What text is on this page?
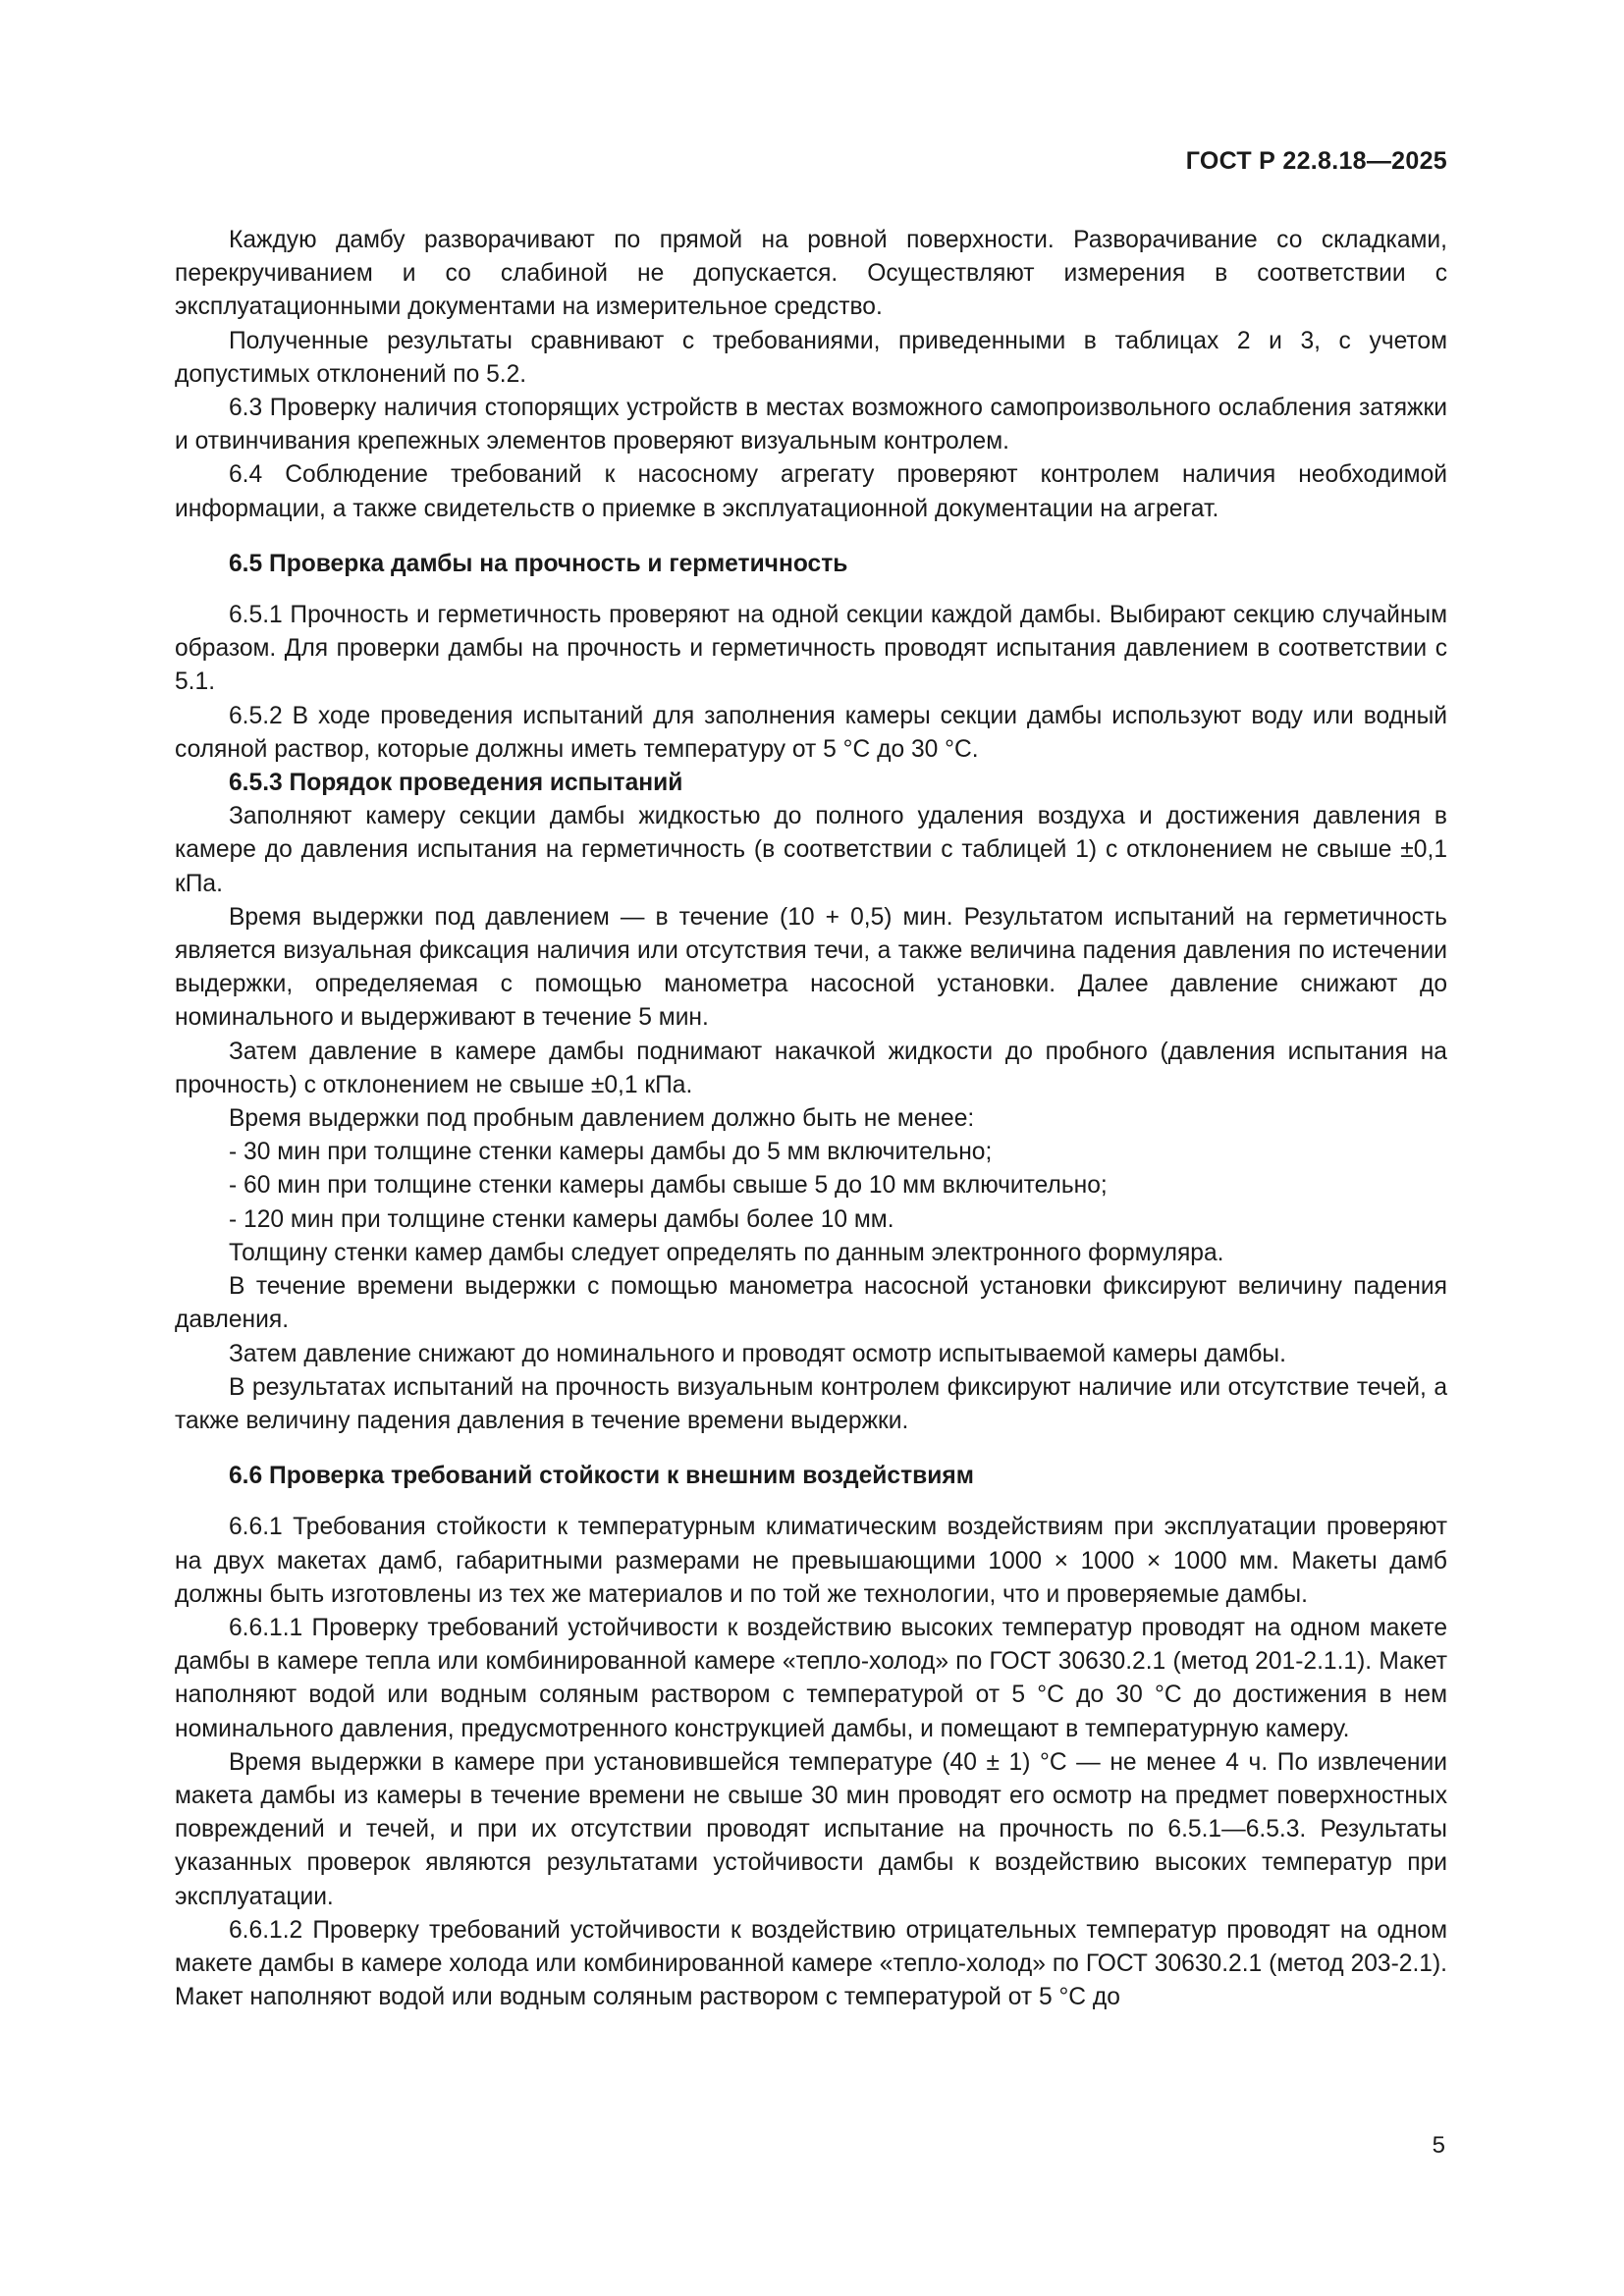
ГОСТ Р 22.8.18—2025

Каждую дамбу разворачивают по прямой на ровной поверхности. Разворачивание со складками, перекручиванием и со слабиной не допускается. Осуществляют измерения в соответствии с эксплуатационными документами на измерительное средство.

Полученные результаты сравнивают с требованиями, приведенными в таблицах 2 и 3, с учетом допустимых отклонений по 5.2.

6.3 Проверку наличия стопорящих устройств в местах возможного самопроизвольного ослабления затяжки и отвинчивания крепежных элементов проверяют визуальным контролем.

6.4 Соблюдение требований к насосному агрегату проверяют контролем наличия необходимой информации, а также свидетельств о приемке в эксплуатационной документации на агрегат.

6.5 Проверка дамбы на прочность и герметичность

6.5.1 Прочность и герметичность проверяют на одной секции каждой дамбы. Выбирают секцию случайным образом. Для проверки дамбы на прочность и герметичность проводят испытания давлением в соответствии с 5.1.

6.5.2 В ходе проведения испытаний для заполнения камеры секции дамбы используют воду или водный соляной раствор, которые должны иметь температуру от 5 °С до 30 °С.

6.5.3 Порядок проведения испытаний

Заполняют камеру секции дамбы жидкостью до полного удаления воздуха и достижения давления в камере до давления испытания на герметичность (в соответствии с таблицей 1) с отклонением не свыше ±0,1 кПа.

Время выдержки под давлением — в течение (10 + 0,5) мин. Результатом испытаний на герметичность является визуальная фиксация наличия или отсутствия течи, а также величина падения давления по истечении выдержки, определяемая с помощью манометра насосной установки. Далее давление снижают до номинального и выдерживают в течение 5 мин.

Затем давление в камере дамбы поднимают накачкой жидкости до пробного (давления испытания на прочность) с отклонением не свыше ±0,1 кПа.

Время выдержки под пробным давлением должно быть не менее:

- 30 мин при толщине стенки камеры дамбы до 5 мм включительно;

- 60 мин при толщине стенки камеры дамбы свыше 5 до 10 мм включительно;

- 120 мин при толщине стенки камеры дамбы более 10 мм.

Толщину стенки камер дамбы следует определять по данным электронного формуляра.

В течение времени выдержки с помощью манометра насосной установки фиксируют величину падения давления.

Затем давление снижают до номинального и проводят осмотр испытываемой камеры дамбы.

В результатах испытаний на прочность визуальным контролем фиксируют наличие или отсутствие течей, а также величину падения давления в течение времени выдержки.

6.6 Проверка требований стойкости к внешним воздействиям

6.6.1 Требования стойкости к температурным климатическим воздействиям при эксплуатации проверяют на двух макетах дамб, габаритными размерами не превышающими 1000 × 1000 × 1000 мм. Макеты дамб должны быть изготовлены из тех же материалов и по той же технологии, что и проверяемые дамбы.

6.6.1.1 Проверку требований устойчивости к воздействию высоких температур проводят на одном макете дамбы в камере тепла или комбинированной камере «тепло-холод» по ГОСТ 30630.2.1 (метод 201-2.1.1). Макет наполняют водой или водным соляным раствором с температурой от 5 °С до 30 °С до достижения в нем номинального давления, предусмотренного конструкцией дамбы, и помещают в температурную камеру.

Время выдержки в камере при установившейся температуре (40 ± 1) °С — не менее 4 ч. По извлечении макета дамбы из камеры в течение времени не свыше 30 мин проводят его осмотр на предмет поверхностных повреждений и течей, и при их отсутствии проводят испытание на прочность по 6.5.1—6.5.3. Результаты указанных проверок являются результатами устойчивости дамбы к воздействию высоких температур при эксплуатации.

6.6.1.2 Проверку требований устойчивости к воздействию отрицательных температур проводят на одном макете дамбы в камере холода или комбинированной камере «тепло-холод» по ГОСТ 30630.2.1 (метод 203-2.1). Макет наполняют водой или водным соляным раствором с температурой от 5 °С до

5
